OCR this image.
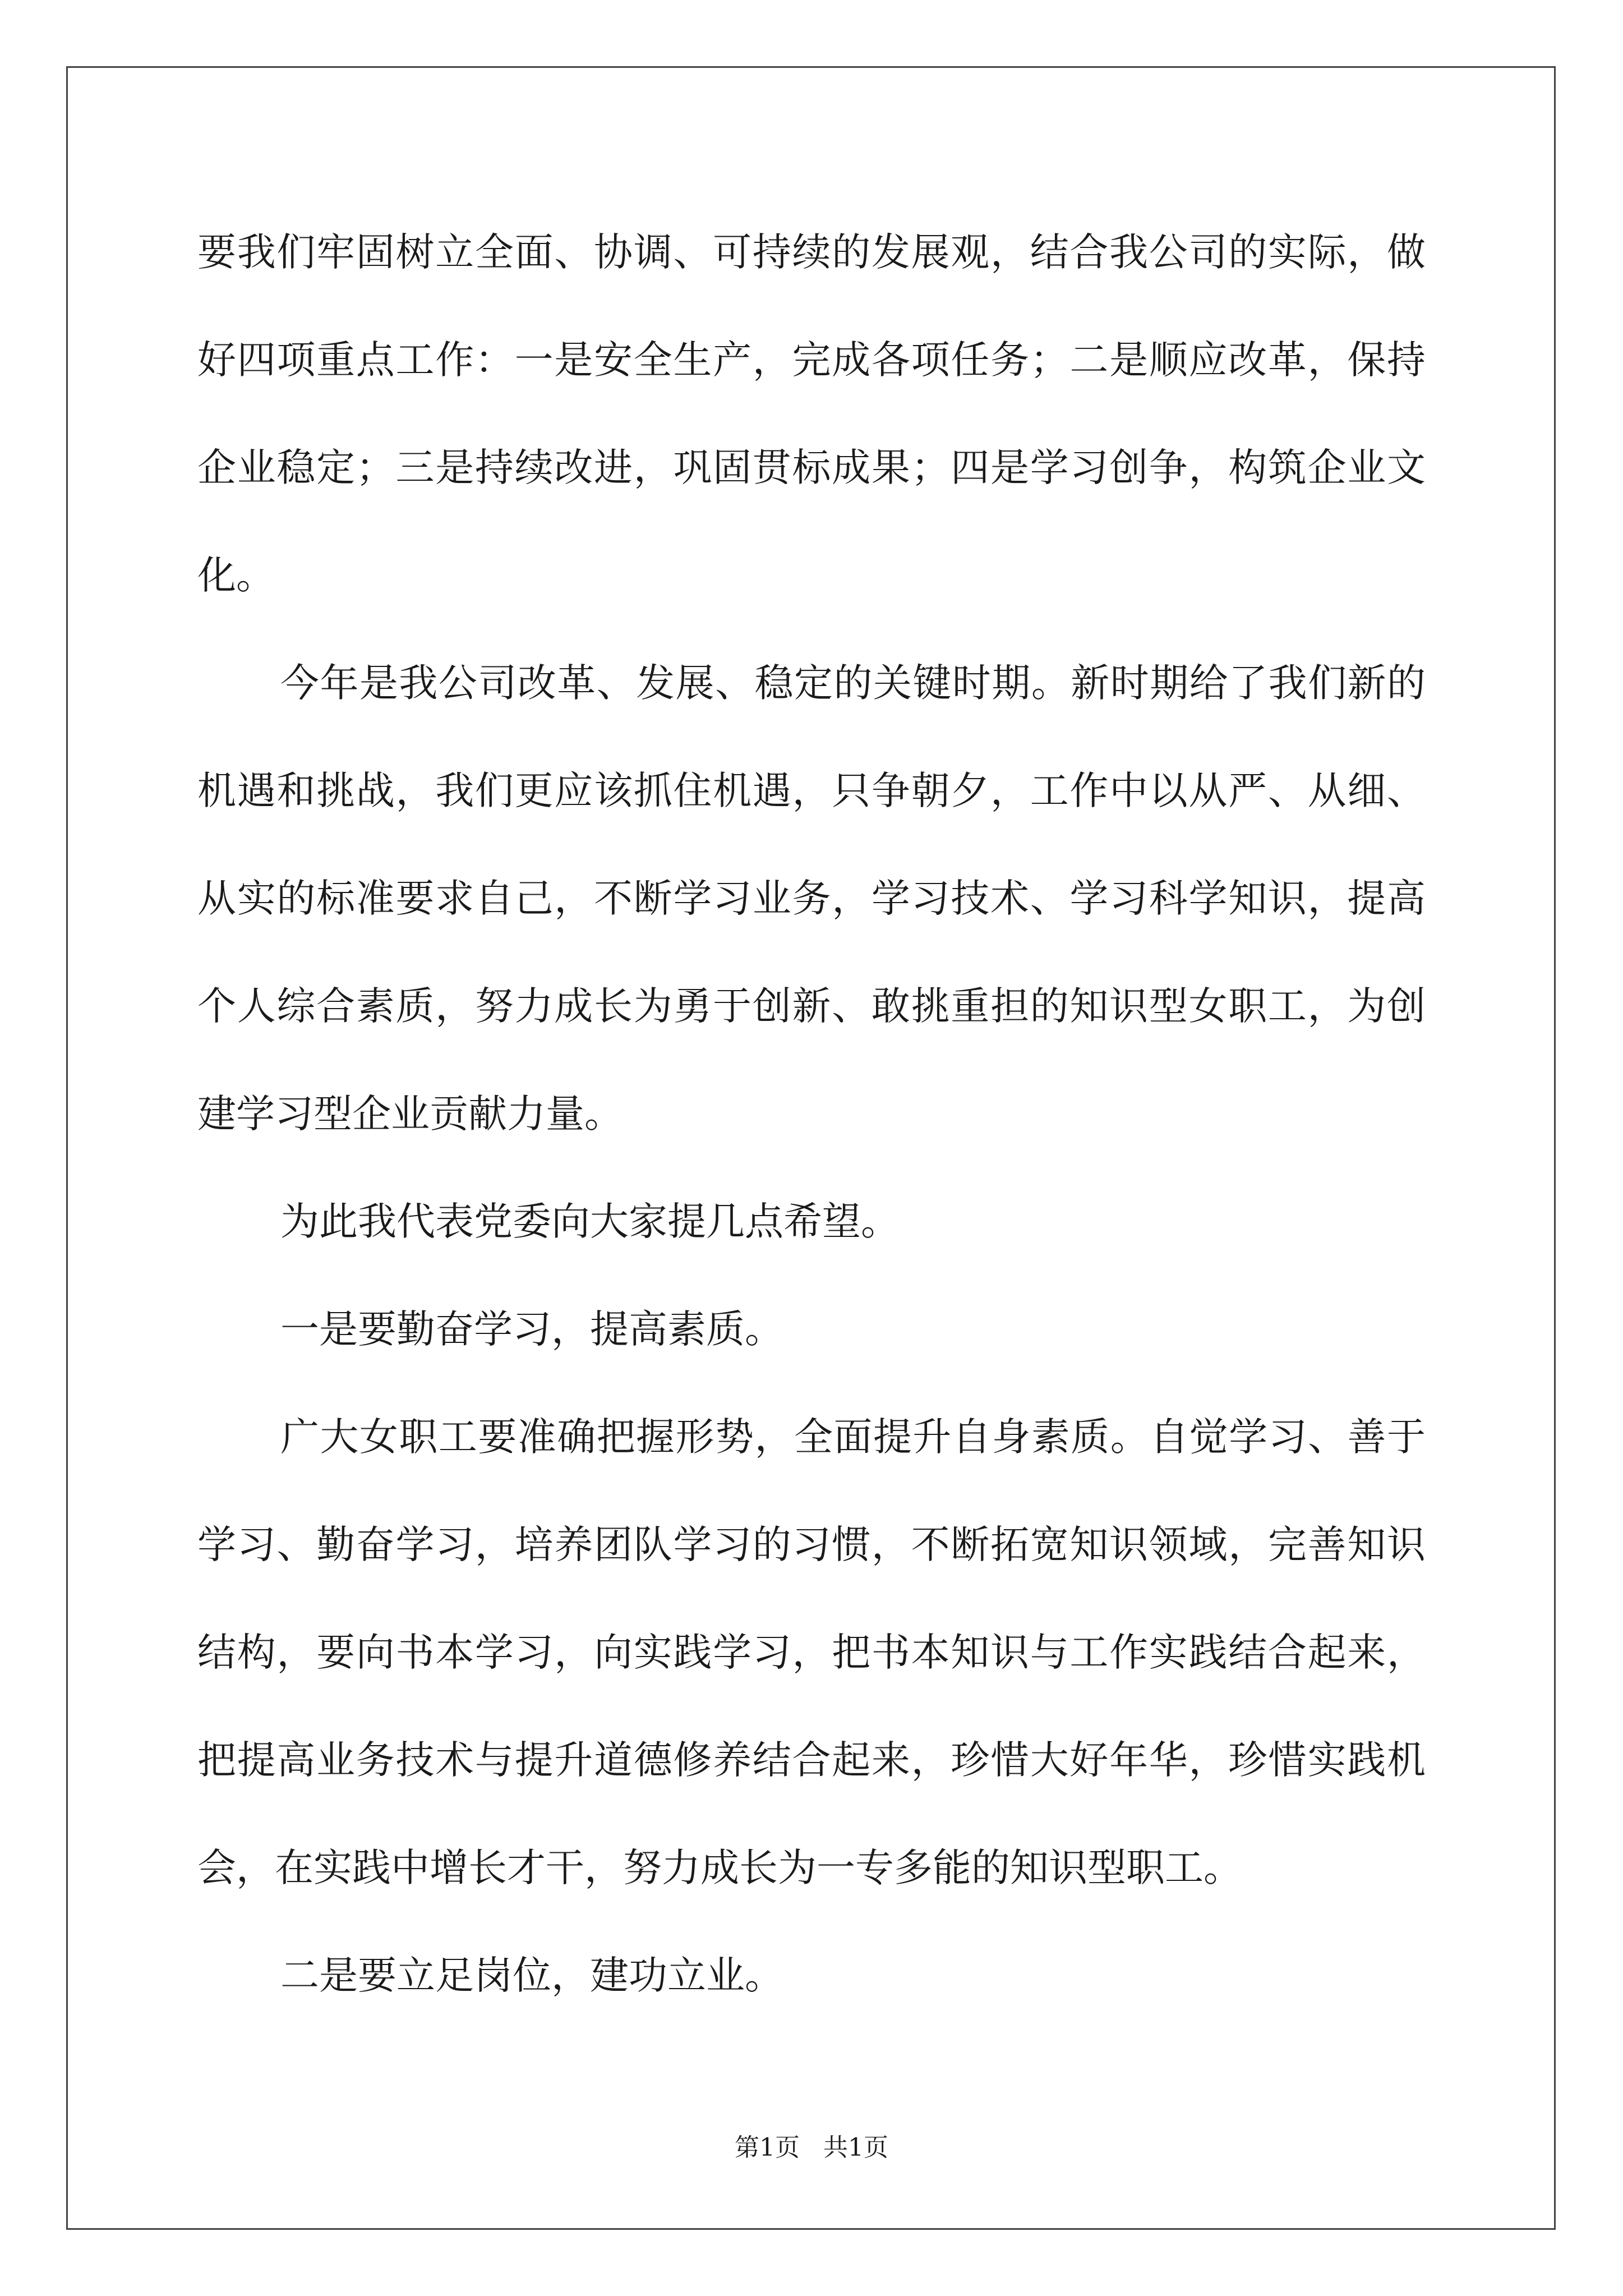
要我们牢固树立全面、协调、可持续的发展观，结合我公司的实际，做好四项重点工作：一是安全生产，完成各项任务；二是顺应改革，保持企业稳定；三是持续改进，巩固贯标成果；四是学习创争，构筑企业文化。

今年是我公司改革、发展、稳定的关键时期。新时期给了我们新的机遇和挑战，我们更应该抓住机遇，只争朝夕，工作中以从严、从细、从实的标准要求自己，不断学习业务，学习技术、学习科学知识，提高个人综合素质，努力成长为勇于创新、敢挑重担的知识型女职工，为创建学习型企业贡献力量。

为此我代表党委向大家提几点希望。

一是要勤奋学习，提高素质。

广大女职工要准确把握形势，全面提升自身素质。自觉学习、善于学习、勤奋学习，培养团队学习的习惯，不断拓宽知识领域，完善知识结构，要向书本学习，向实践学习，把书本知识与工作实践结合起来，把提高业务技术与提升道德修养结合起来，珍惜大好年华，珍惜实践机会，在实践中增长才干，努力成长为一专多能的知识型职工。

二是要立足岗位，建功立业。

第1页 共1页
